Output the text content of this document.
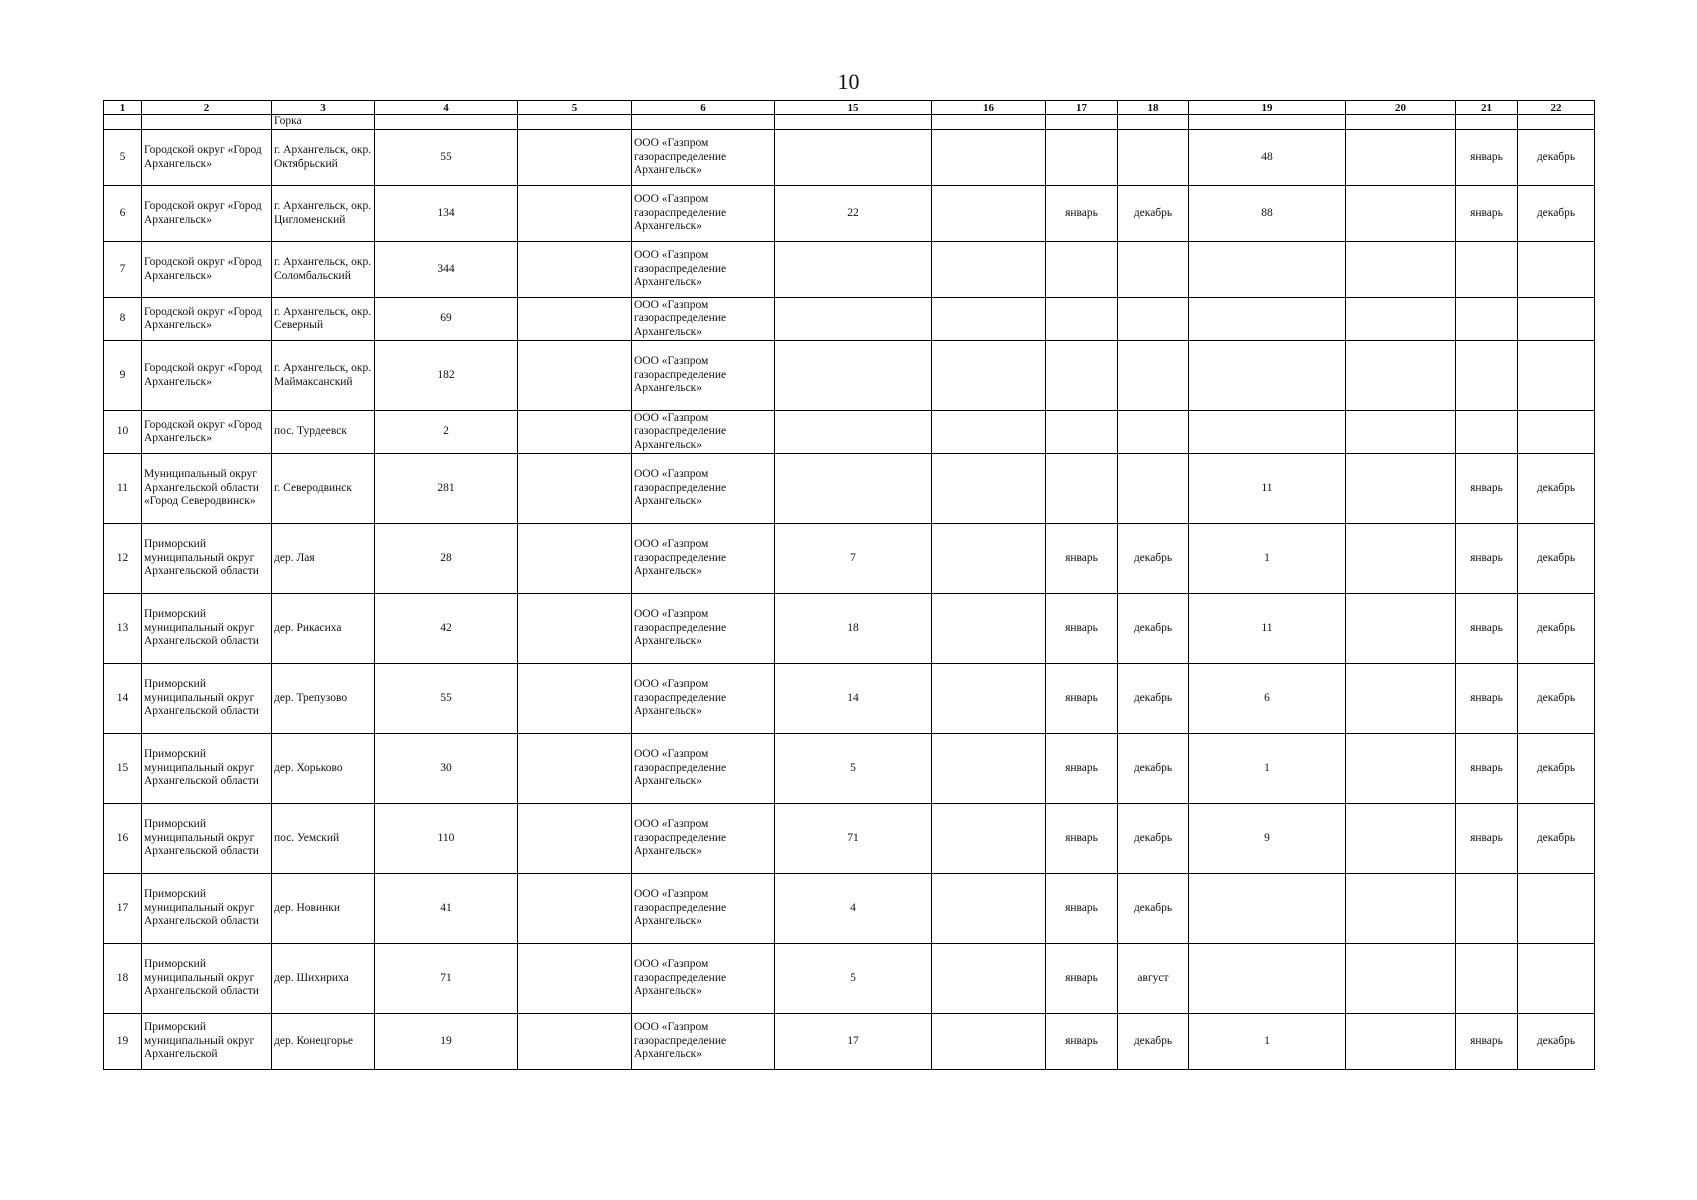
10
1	2	3	4	5	6	15	16	17	18	19	20	21	22
		Горка											
5	Городской округ «Город Архангельск»	г. Архангельск, окр. Октябрьский	55		ООО «Газпром газораспределение Архангельск»					48		январь	декабрь
6	Городской округ «Город Архангельск»	г. Архангельск, окр. Цигломенский	134		ООО «Газпром газораспределение Архангельск»	22		январь	декабрь	88		январь	декабрь
7	Городской округ «Город Архангельск»	г. Архангельск, окр. Соломбальский	344		ООО «Газпром газораспределение Архангельск»								
8	Городской округ «Город Архангельск»	г. Архангельск, окр. Северный	69		ООО «Газпром газораспределение Архангельск»								
9	Городской округ «Город Архангельск»	г. Архангельск, окр. Маймаксанский	182		ООО «Газпром газораспределение Архангельск»								
10	Городской округ «Город Архангельск»	пос. Турдеевск	2		ООО «Газпром газораспределение Архангельск»								
11	Муниципальный округ Архангельской области «Город Северодвинск»	г. Северодвинск	281		ООО «Газпром газораспределение Архангельск»					11		январь	декабрь
12	Приморский муниципальный округ Архангельской области	дер. Лая	28		ООО «Газпром газораспределение Архангельск»	7		январь	декабрь	1		январь	декабрь
13	Приморский муниципальный округ Архангельской области	дер. Рикасиха	42		ООО «Газпром газораспределение Архангельск»	18		январь	декабрь	11		январь	декабрь
14	Приморский муниципальный округ Архангельской области	дер. Трепузово	55		ООО «Газпром газораспределение Архангельск»	14		январь	декабрь	6		январь	декабрь
15	Приморский муниципальный округ Архангельской области	дер. Хорьково	30		ООО «Газпром газораспределение Архангельск»	5		январь	декабрь	1		январь	декабрь
16	Приморский муниципальный округ Архангельской области	пос. Уемский	110		ООО «Газпром газораспределение Архангельск»	71		январь	декабрь	9		январь	декабрь
17	Приморский муниципальный округ Архангельской области	дер. Новинки	41		ООО «Газпром газораспределение Архангельск»	4		январь	декабрь				
18	Приморский муниципальный округ Архангельской области	дер. Шихириха	71		ООО «Газпром газораспределение Архангельск»	5		январь	август				
19	Приморский муниципальный округ Архангельской	дер. Конецгорье	19		ООО «Газпром газораспределение Архангельск»	17		январь	декабрь	1		январь	декабрь
